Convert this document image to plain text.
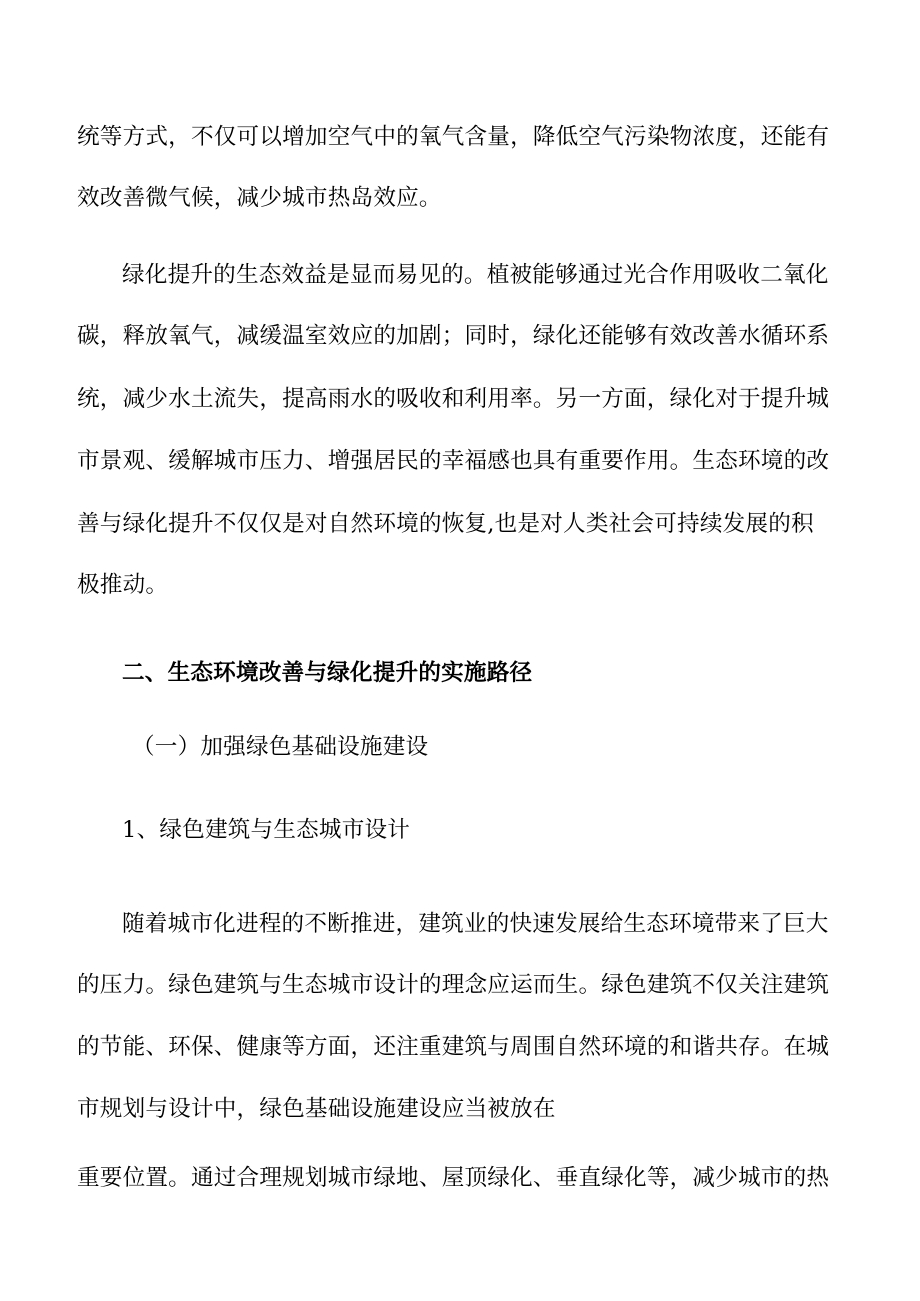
统等方式，不仅可以增加空气中的氧气含量，降低空气污染物浓度，还能有
效改善微气候，减少城市热岛效应。
绿化提升的生态效益是显而易见的。植被能够通过光合作用吸收二氧化
碳，释放氧气，减缓温室效应的加剧；同时，绿化还能够有效改善水循环系
统，减少水土流失，提高雨水的吸收和利用率。另一方面，绿化对于提升城
市景观、缓解城市压力、增强居民的幸福感也具有重要作用。生态环境的改
善与绿化提升不仅仅是对自然环境的恢复,也是对人类社会可持续发展的积
极推动。
二、生态环境改善与绿化提升的实施路径
（一）加强绿色基础设施建设
1、绿色建筑与生态城市设计
随着城市化进程的不断推进，建筑业的快速发展给生态环境带来了巨大
的压力。绿色建筑与生态城市设计的理念应运而生。绿色建筑不仅关注建筑
的节能、环保、健康等方面，还注重建筑与周围自然环境的和谐共存。在城
市规划与设计中，绿色基础设施建设应当被放在
重要位置。通过合理规划城市绿地、屋顶绿化、垂直绿化等，减少城市的热
